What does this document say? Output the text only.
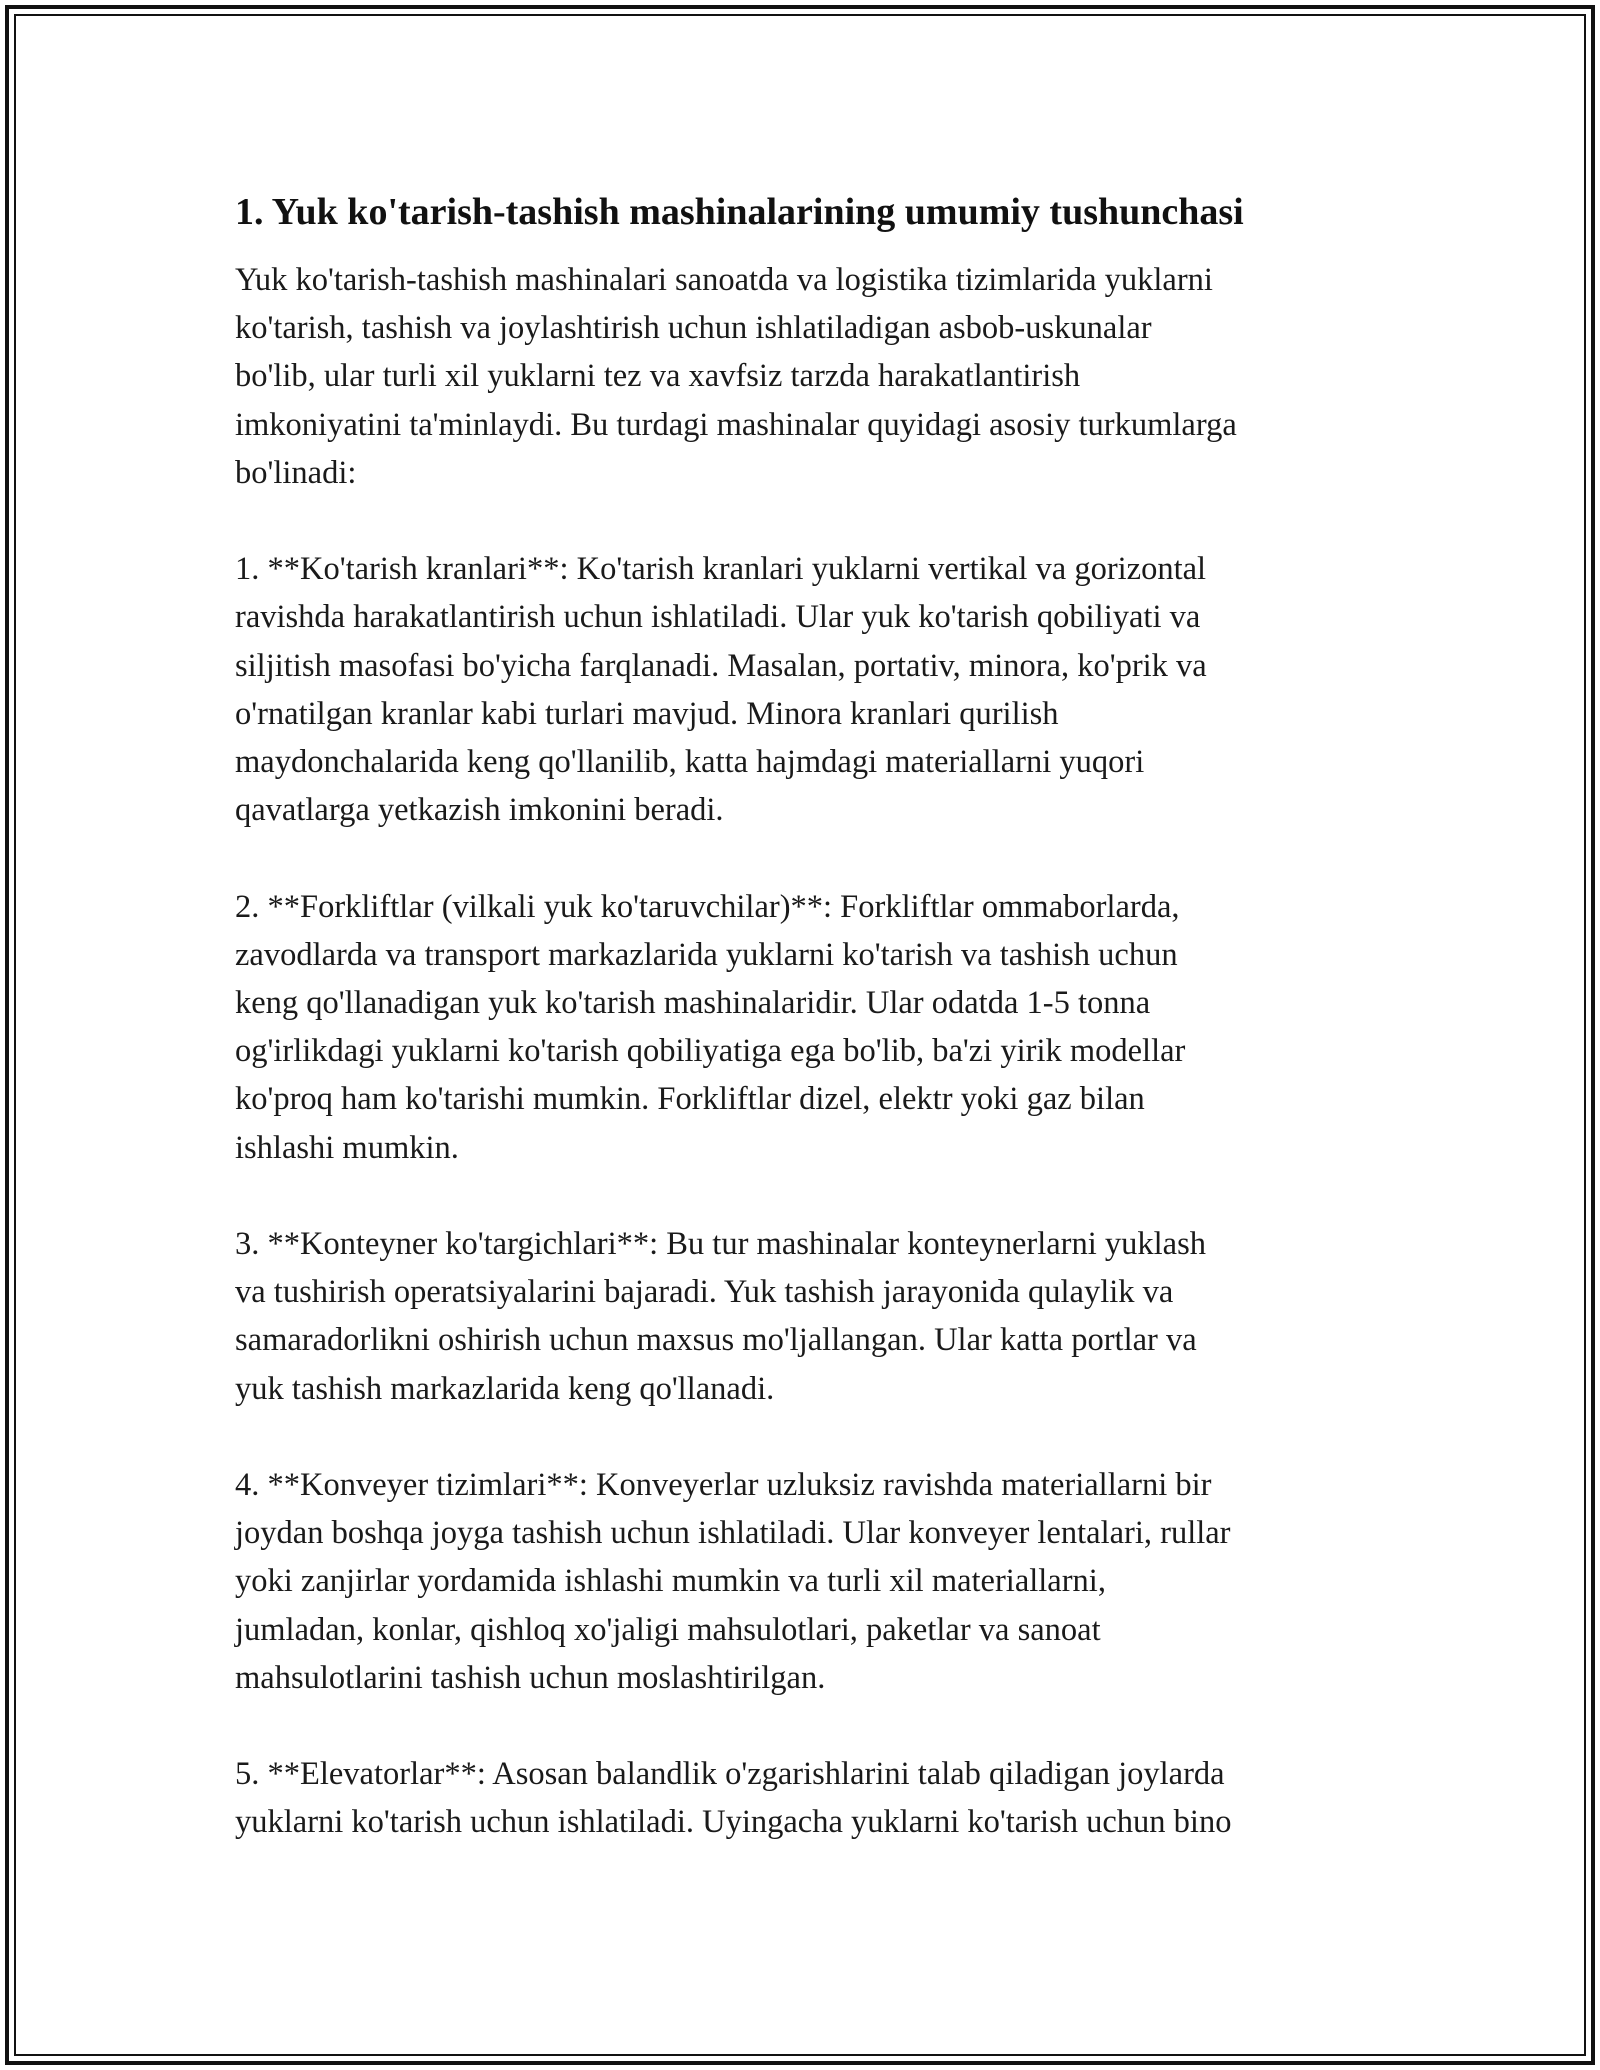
1. Yuk ko'tarish-tashish mashinalarining umumiy tushunchasi

Yuk ko'tarish-tashish mashinalari sanoatda va logistika tizimlarida yuklarni
ko'tarish, tashish va joylashtirish uchun ishlatiladigan asbob-uskunalar
bo'lib, ular turli xil yuklarni tez va xavfsiz tarzda harakatlantirish
imkoniyatini ta'minlaydi. Bu turdagi mashinalar quyidagi asosiy turkumlarga
bo'linadi:

1. **Ko'tarish kranlari**: Ko'tarish kranlari yuklarni vertikal va gorizontal
ravishda harakatlantirish uchun ishlatiladi. Ular yuk ko'tarish qobiliyati va
siljitish masofasi bo'yicha farqlanadi. Masalan, portativ, minora, ko'prik va
o'rnatilgan kranlar kabi turlari mavjud. Minora kranlari qurilish
maydonchalarida keng qo'llanilib, katta hajmdagi materiallarni yuqori
qavatlarga yetkazish imkonini beradi.

2. **Forkliftlar (vilkali yuk ko'taruvchilar)**: Forkliftlar ommaborlarda,
zavodlarda va transport markazlarida yuklarni ko'tarish va tashish uchun
keng qo'llanadigan yuk ko'tarish mashinalaridir. Ular odatda 1-5 tonna
og'irlikdagi yuklarni ko'tarish qobiliyatiga ega bo'lib, ba'zi yirik modellar
ko'proq ham ko'tarishi mumkin. Forkliftlar dizel, elektr yoki gaz bilan
ishlashi mumkin.

3. **Konteyner ko'targichlari**: Bu tur mashinalar konteynerlarni yuklash
va tushirish operatsiyalarini bajaradi. Yuk tashish jarayonida qulaylik va
samaradorlikni oshirish uchun maxsus mo'ljallangan. Ular katta portlar va
yuk tashish markazlarida keng qo'llanadi.

4. **Konveyer tizimlari**: Konveyerlar uzluksiz ravishda materiallarni bir
joydan boshqa joyga tashish uchun ishlatiladi. Ular konveyer lentalari, rullar
yoki zanjirlar yordamida ishlashi mumkin va turli xil materiallarni,
jumladan, konlar, qishloq xo'jaligi mahsulotlari, paketlar va sanoat
mahsulotlarini tashish uchun moslashtirilgan.

5. **Elevatorlar**: Asosan balandlik o'zgarishlarini talab qiladigan joylarda
yuklarni ko'tarish uchun ishlatiladi. Uyingacha yuklarni ko'tarish uchun bino
